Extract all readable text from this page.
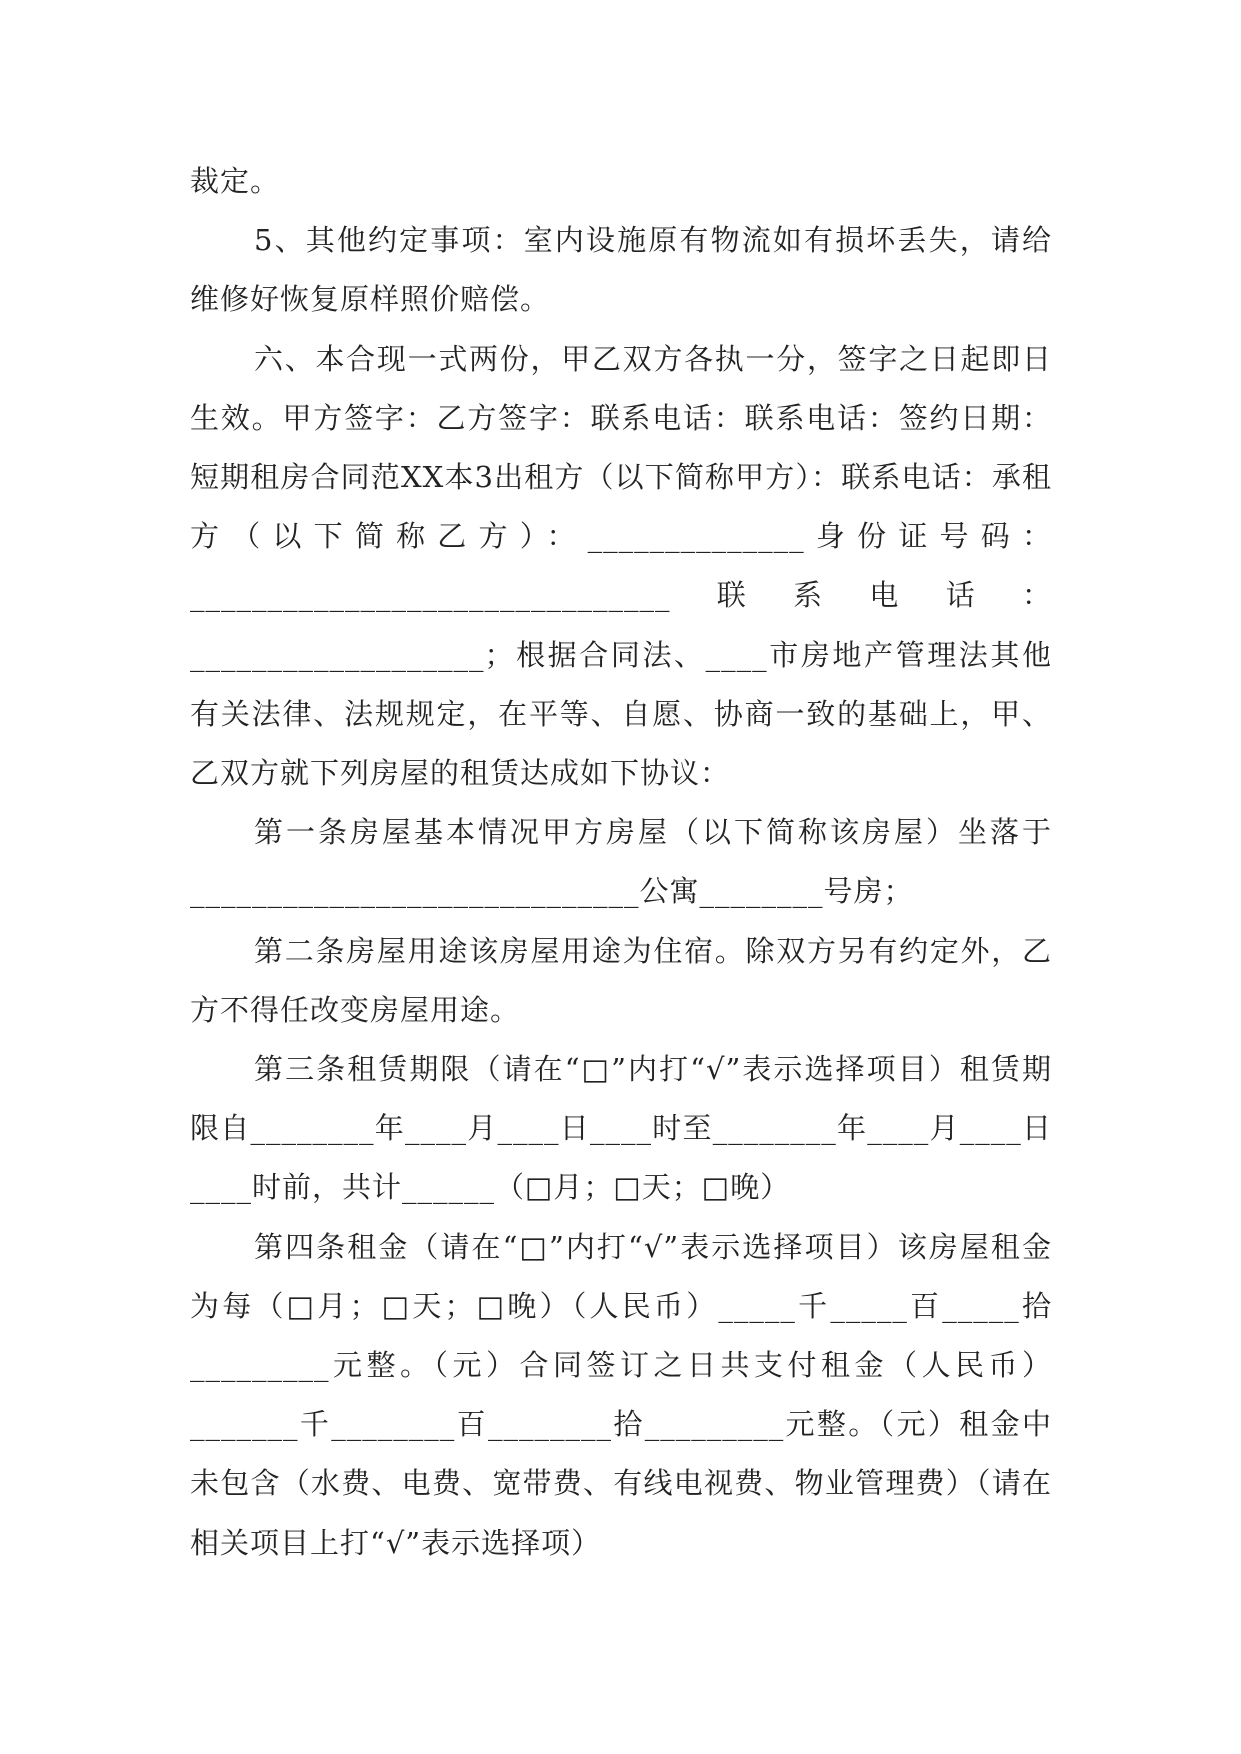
裁定。

5、其他约定事项：室内设施原有物流如有损坏丢失，请给维修好恢复原样照价赔偿。

六、本合现一式两份，甲乙双方各执一分，签字之日起即日生效。甲方签字：乙方签字：联系电话：联系电话：签约日期：短期租房合同范XX本3出租方（以下简称甲方）：联系电话：承租方（以下简称乙方）：______________身份证号码：_______________________________联系电话：___________________；根据合同法、____市房地产管理法其他有关法律、法规规定，在平等、自愿、协商一致的基础上，甲、乙双方就下列房屋的租赁达成如下协议：

第一条房屋基本情况甲方房屋（以下简称该房屋）坐落于_____________________________公寓________号房；

第二条房屋用途该房屋用途为住宿。除双方另有约定外，乙方不得任改变房屋用途。

第三条租赁期限（请在“□”内打“√”表示选择项目）租赁期限自________年____月____日____时至________年____月____日____时前，共计______（□月；□天；□晚）

第四条租金（请在“□”内打“√”表示选择项目）该房屋租金为每（□月；□天；□晚）（人民币）_____千_____百_____拾_________元整。（元）合同签订之日共支付租金（人民币）_______千________百________拾_________元整。（元）租金中未包含（水费、电费、宽带费、有线电视费、物业管理费）（请在相关项目上打“√”表示选择项）
